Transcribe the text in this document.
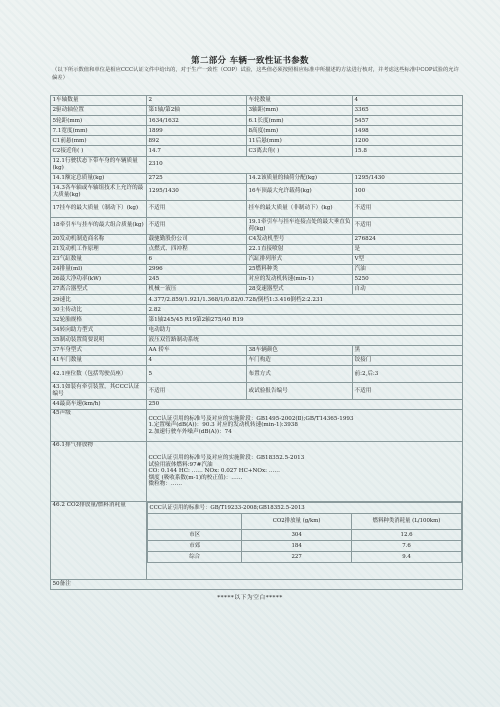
第二部分 车辆一致性证书参数
（以下所示数值和单位是相应CCC认证文件中给出的，对于生产一致性（COP）试验，这些值必须按照相应标准中所描述的方法进行核对，并考虑这些标准中COP试验的允许偏差）
1车轴数量	2	车轮数量	4
2驱动轴位置	第1轴/第2轴	3轴距(mm)	3365
5轮距(mm)	1634/1632	6.1长度(mm)	5457
7.1宽度(mm)	1899	8高度(mm)	1498
C1前悬(mm)	892	11后悬(mm)	1200
C2接近角( )	14.7	C3离去角( )	15.8
12.1行驶状态下带车身的车辆质量(kg)	2310
14.1额定总质量(kg)	2725	14.2该质量的轴荷分配(kg)	1295/1430
14.3各车轴或车轴组技术上允许的最大质量(kg)	1295/1430	16车顶最大允许载荷(kg)	100
17挂车的最大质量（制动下）(kg)	不适用	挂车的最大质量（非制动下）(kg)	不适用
18牵引车与挂车的最大组合质量(kg)	不适用	19.1牵引车与挂车连接点处的最大垂直负荷(kg)	不适用
20发动机制造商名称	载驰勤股份公司	C4发动机型号	276824
21发动机工作原理	点燃式、四冲程	22.1直接喷射	是
23气缸数量	6	汽缸排列形式	V型
24排量(ml)	2996	25燃料种类	汽油
26最大净功率(kW)	245	对应的发动机转速(min-1)	5250
27离合器型式	机械－液压	28变速器型式	自动
29速比	4.377/2.859/1.921/1.368/1/0.82/0.728/倒档1:3.416倒档2:2.231
30主传动比	2.82
32轮胎规格	第1轴245/45 R19第2轴275/40 R19
34转向助力型式	电动助力
35制动装置简要说明	液压双管路制动系统
37车身型式	AA 轿车	38车辆颜色	黑
41车门数量	4	车门构造	铰接门
42.1座位数（包括驾驶员座）	5	布置方式	前:2,后:3
43.1如装有牵引装置，其CCC认证编号	不适用	或试验报告编号	不适用
44最高车速(km/h)	250
45声级	
CCC认证引用的标准号及对应的实施阶段：GB1495-2002(Ⅱ);GB/T14365-1993
1.定置噪声(dB(A))：90.3 对应的发动机转速(min-1):3938
2.加速行驶车外噪声(dB(A))：74

46.1排气排放物	
CCC认证引用的标准号及对应的实施阶段：GB18352.5-2013
试验用液体燃料:97#汽油
CO: 0.144 HC: …… NOx: 0.027 HC+NOx: ……
烟度 (吸收系数(m-1)的校正值)：……
微粒物：……

46.2 CO2排放量/燃料消耗量		CCC认证引用的标准号：GB/T19233-2008;GB18352.5-2013
	CO2排放量 (g/km)	燃料种类消耗量 (L/100km)
市区	304	12.6
市郊	184	7.6
综合	227	9.4

50备注
*****以下为空白*****
